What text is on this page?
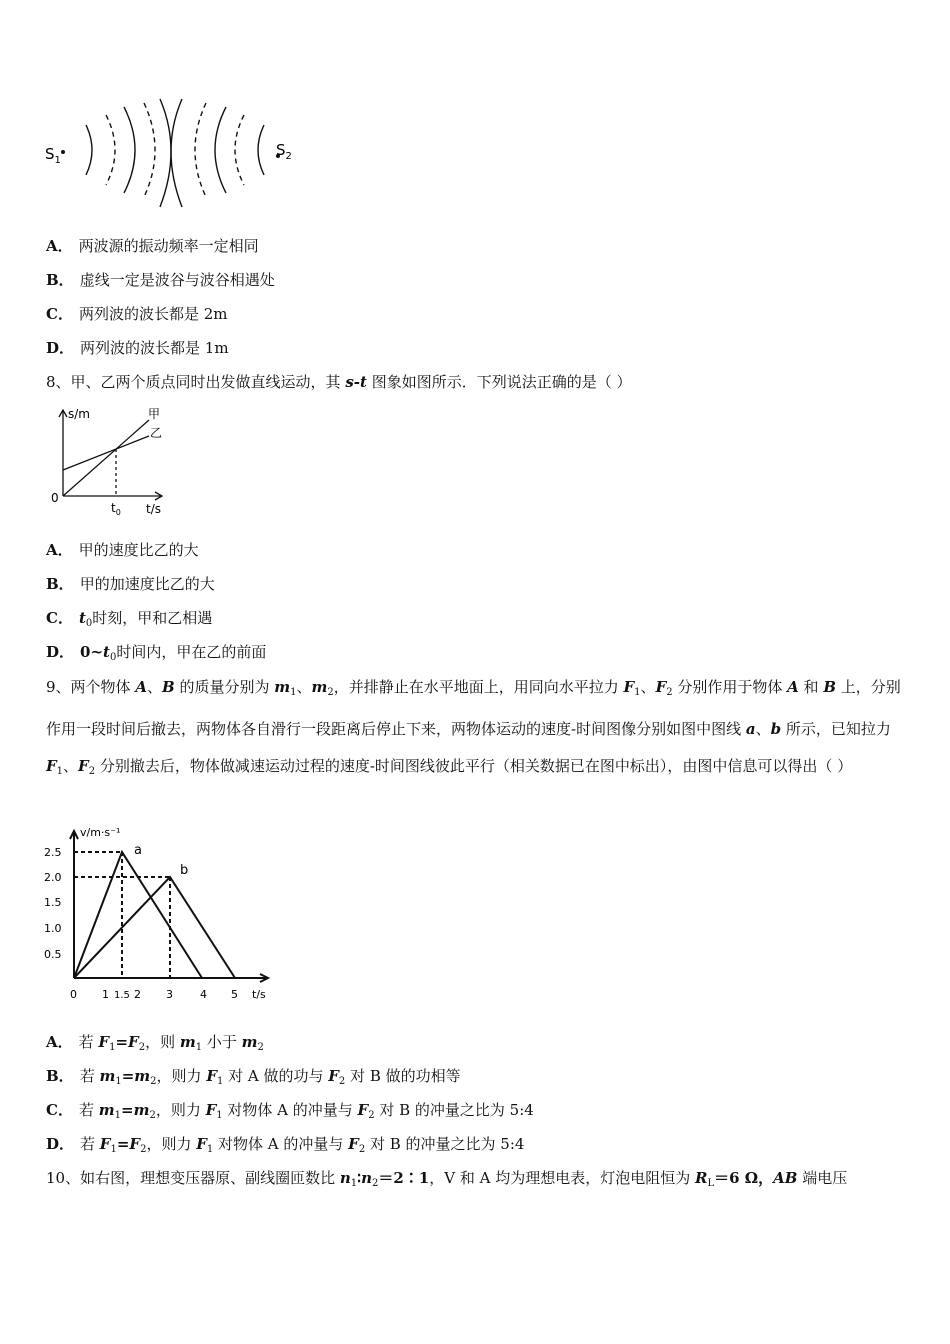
$S_1$
$S_2$
A． 两波源的振动频率一定相同
B． 虚线一定是波谷与波谷相遇处
C． 两列波的波长都是 2m
D． 两列波的波长都是 1m
8、甲、乙两个质点同时出发做直线运动，其 s-t 图象如图所示．下列说法正确的是（ ）
s/m	甲
乙
0
$t_0$ t/s
A． 甲的速度比乙的大
B． 甲的加速度比乙的大
C． $t_0$时刻，甲和乙相遇
D． $0\sim t_0$时间内，甲在乙的前面
9、两个物体 A、B 的质量分别为 $m_1$、$m_2$，并排静止在水平地面上，用同向水平拉力 $F_1$、$F_2$ 分别作用于物体 A 和 B 上，分别作用一段时间后撤去，两物体各自滑行一段距离后停止下来，两物体运动的速度-时间图像分别如图中图线 a、b 所示，已知拉力 $F_1$、$F_2$ 分别撤去后，物体做减速运动过程的速度-时间图线彼此平行（相关数据已在图中标出），由图中信息可以得出（ ）
v/m·s⁻¹
2.5
2.0
1.5
1.0
0.5
0 1 1.5 2 3 4 5 t/s
a
b
A． 若 $F_1=F_2$，则 $m_1$ 小于 $m_2$
B． 若 $m_1=m_2$，则力 $F_1$ 对 A 做的功与 $F_2$ 对 B 做的功相等
C． 若 $m_1=m_2$，则力 $F_1$ 对物体 A 的冲量与 $F_2$ 对 B 的冲量之比为 5:4
D． 若 $F_1=F_2$，则力 $F_1$ 对物体 A 的冲量与 $F_2$ 对 B 的冲量之比为 5:4
10、如右图，理想变压器原、副线圈匝数比 $n_1∶n_2=2∶1$，V 和 A 均为理想电表，灯泡电阻恒为 $R_L=6$ Ω，AB 端电压
